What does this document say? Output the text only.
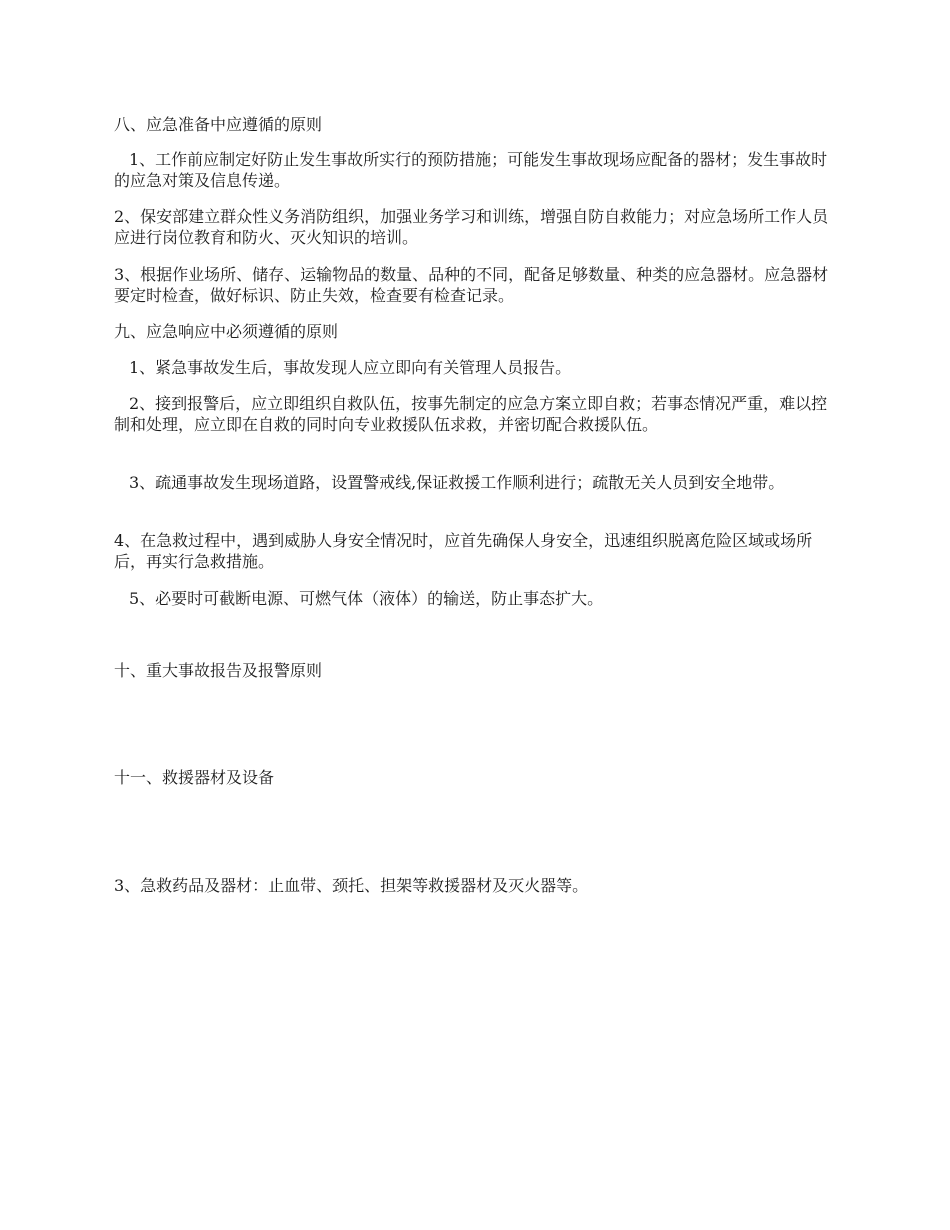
八、应急准备中应遵循的原则
1、工作前应制定好防止发生事故所实行的预防措施；可能发生事故现场应配备的器材；发生事故时的应急对策及信息传递。
2、保安部建立群众性义务消防组织，加强业务学习和训练，增强自防自救能力；对应急场所工作人员应进行岗位教育和防火、灭火知识的培训。
3、根据作业场所、储存、运输物品的数量、品种的不同，配备足够数量、种类的应急器材。应急器材要定时检查，做好标识、防止失效，检查要有检查记录。
九、应急响应中必须遵循的原则
1、紧急事故发生后，事故发现人应立即向有关管理人员报告。
2、接到报警后，应立即组织自救队伍，按事先制定的应急方案立即自救；若事态情况严重，难以控制和处理，应立即在自救的同时向专业救援队伍求救，并密切配合救援队伍。
3、疏通事故发生现场道路，设置警戒线,保证救援工作顺利进行；疏散无关人员到安全地带。
4、在急救过程中，遇到威胁人身安全情况时，应首先确保人身安全，迅速组织脱离危险区域或场所后，再实行急救措施。
5、必要时可截断电源、可燃气体（液体）的输送，防止事态扩大。
十、重大事故报告及报警原则
十一、救援器材及设备
3、急救药品及器材：止血带、颈托、担架等救援器材及灭火器等。
